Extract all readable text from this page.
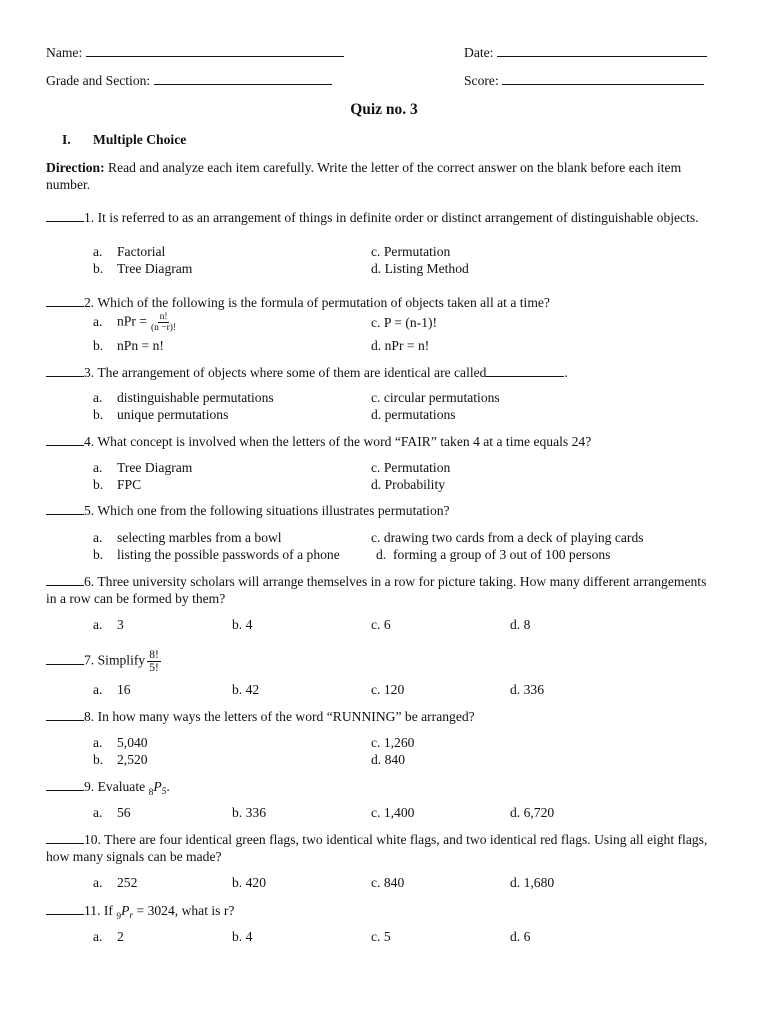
Name:	Date:
Grade and Section:	Score:
Quiz no. 3
I. Multiple Choice
Direction: Read and analyze each item carefully. Write the letter of the correct answer on the blank before each item number.
1. It is referred to as an arrangement of things in definite order or distinct arrangement of distinguishable objects.
a. Factorial
b. Tree Diagram
c. Permutation
d. Listing Method
2. Which of the following is the formula of permutation of objects taken all at a time?
a. nPr = $\frac{n!}{(n -r)!}$
b. nPn = n!
c. P = (n-1)!
d. nPr = n!
3. The arrangement of objects where some of them are identical are called	.
a. distinguishable permutations
b. unique permutations
c. circular permutations
d. permutations
4. What concept is involved when the letters of the word “FAIR” taken 4 at a time equals 24?
a. Tree Diagram
b. FPC
c. Permutation
d. Probability
5. Which one from the following situations illustrates permutation?
a. selecting marbles from a bowl
b. listing the possible passwords of a phone
c. drawing two cards from a deck of playing cards
d. forming a group of 3 out of 100 persons
6. Three university scholars will arrange themselves in a row for picture taking. How many different arrangements in a row can be formed by them?
a. 3	b. 4	c. 6	d. 8
7. Simplify $\frac{8!}{5!}$
a. 16	b. 42	c. 120	d. 336
8. In how many ways the letters of the word “RUNNING” be arranged?
a. 5,040
b. 2,520
c. 1,260
d. 840
9. Evaluate $_8P_5$.
a. 56	b. 336	c. 1,400	d. 6,720
10. There are four identical green flags, two identical white flags, and two identical red flags. Using all eight flags, how many signals can be made?
a. 252	b. 420	c. 840	d. 1,680
11. If $_9P_r = 3024$, what is r?
a. 2	b. 4	c. 5	d. 6
